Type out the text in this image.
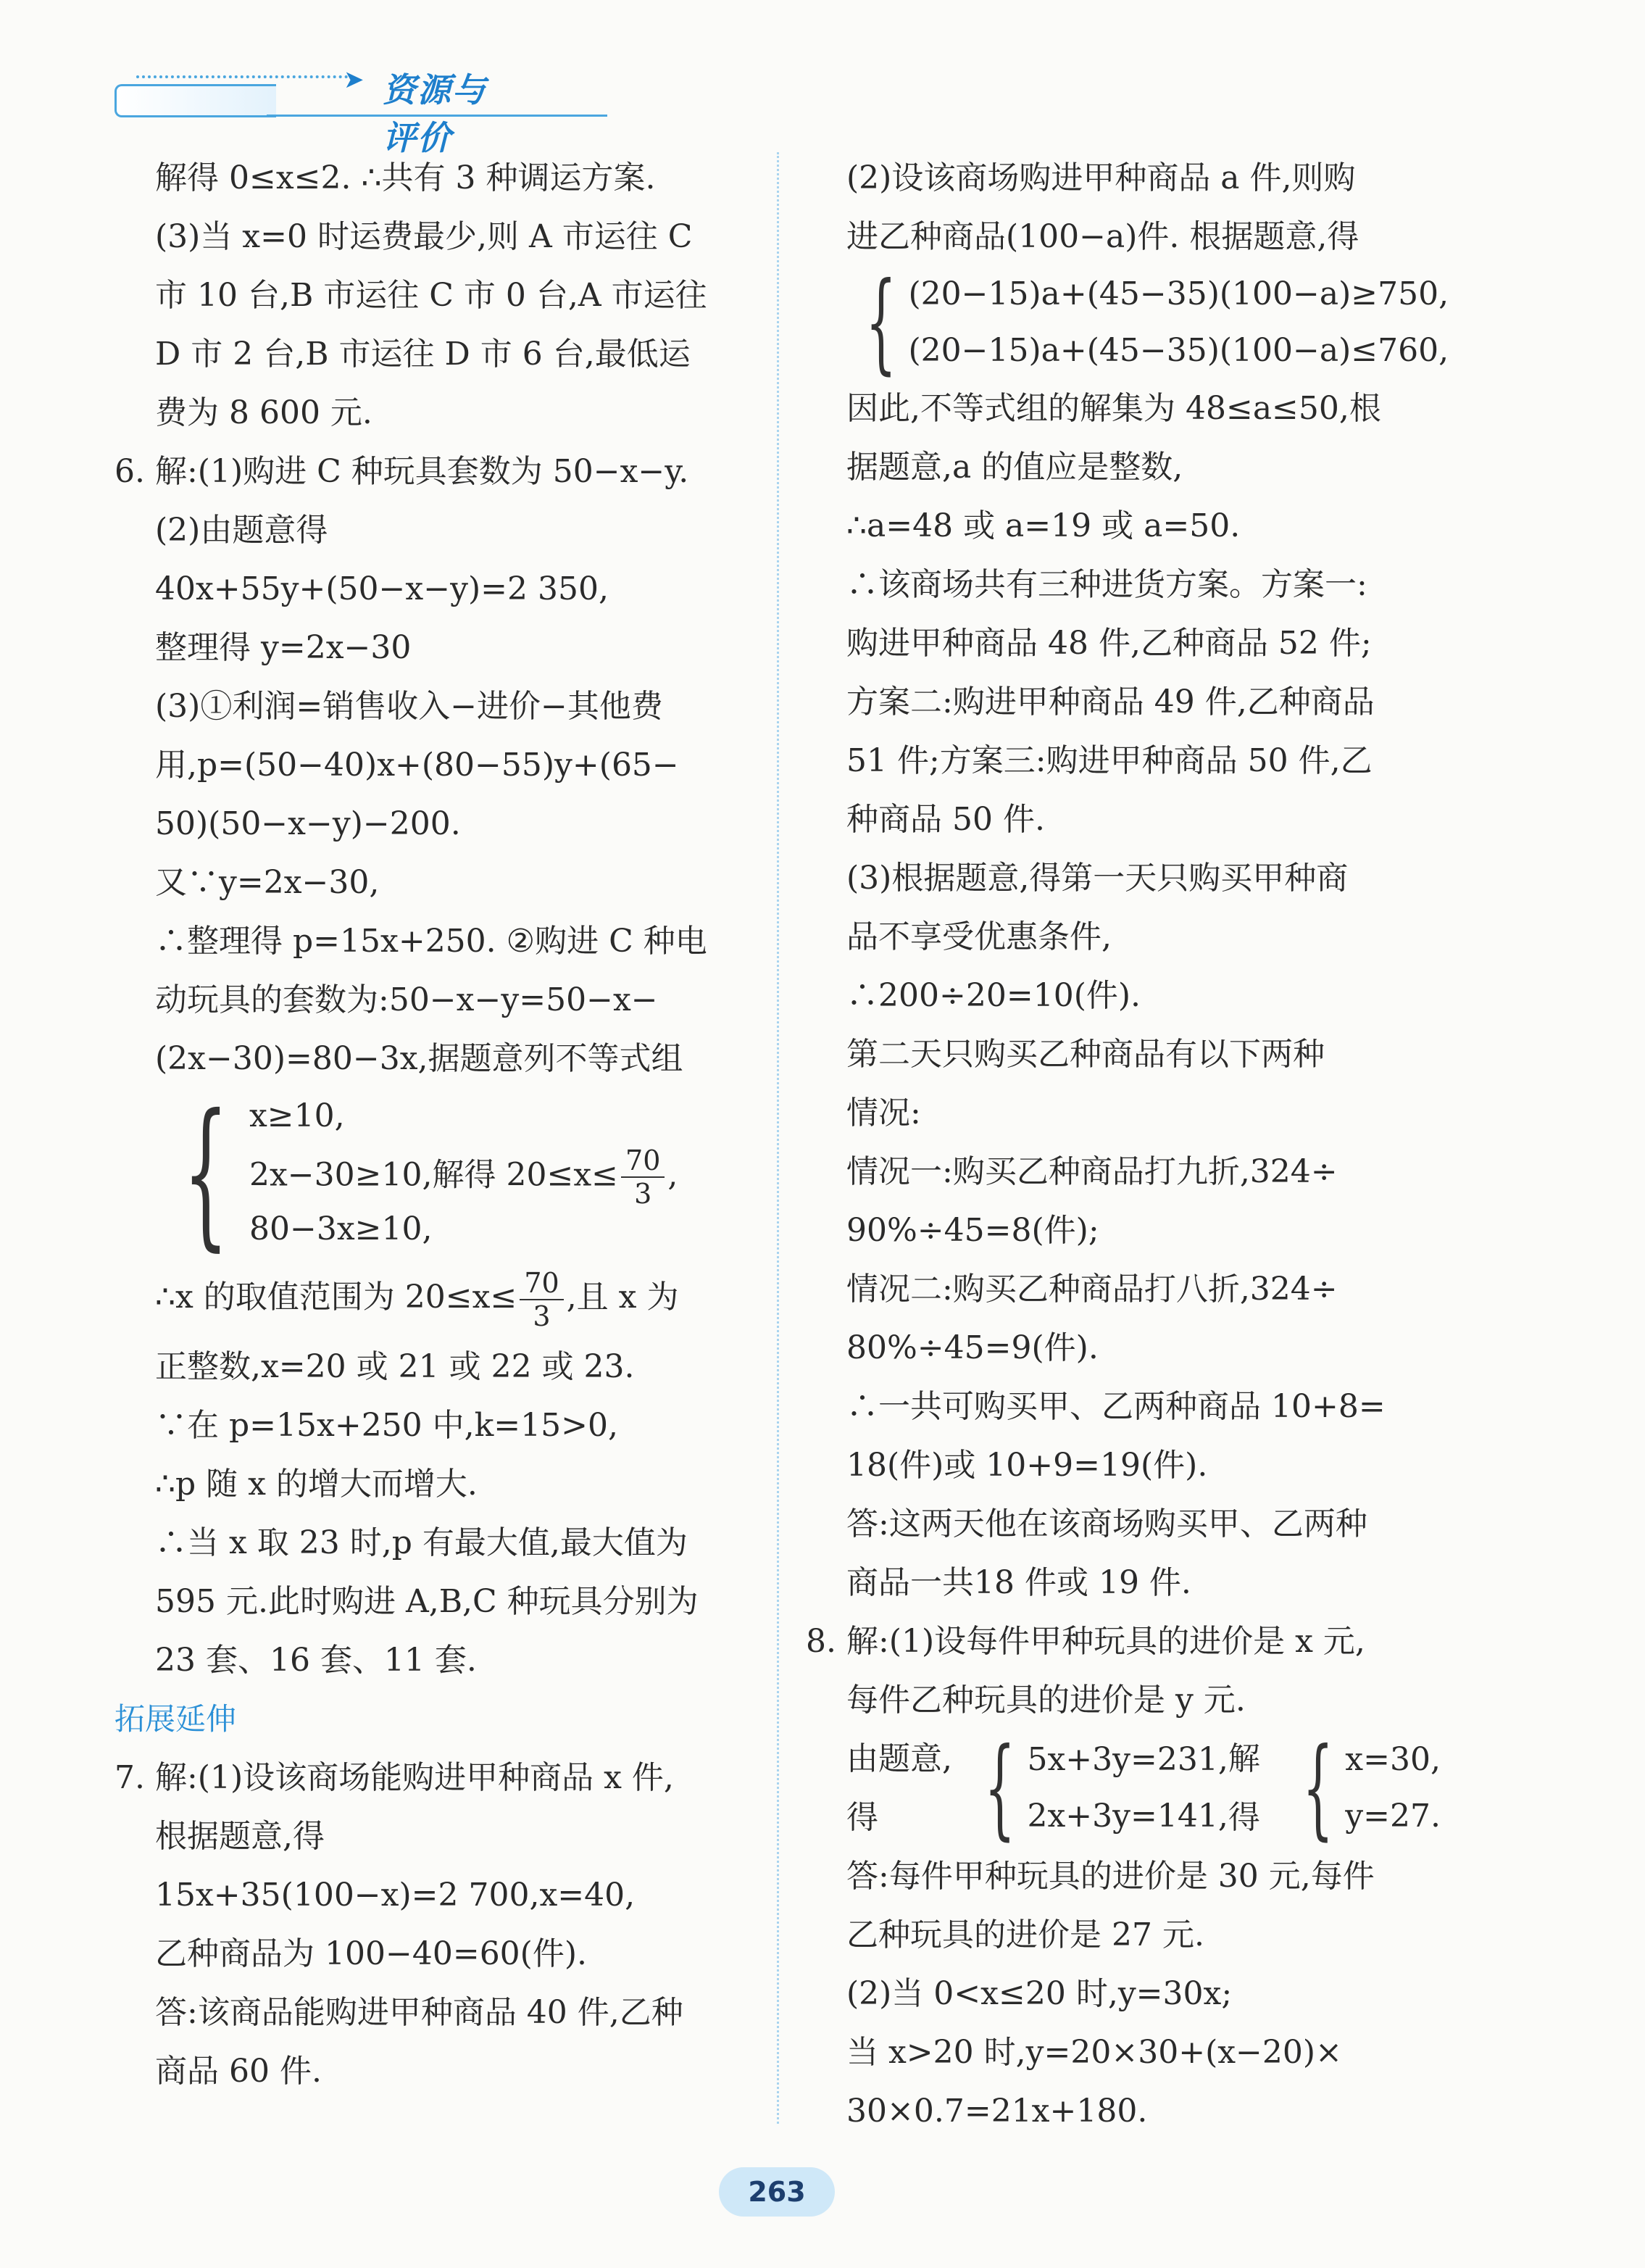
➤ 资源与评价
解得 0≤x≤2. ∴共有 3 种调运方案.
(3)当 x=0 时运费最少,则 A 市运往 C
市 10 台,B 市运往 C 市 0 台,A 市运往
D 市 2 台,B 市运往 D 市 6 台,最低运
费为 8 600 元.
6. 解:(1)购进 C 种玩具套数为 50−x−y.
(2)由题意得
40x+55y+(50−x−y)=2 350,
整理得 y=2x−30
(3)①利润=销售收入−进价−其他费
用,p=(50−40)x+(80−55)y+(65−
50)(50−x−y)−200.
又∵y=2x−30,
∴整理得 p=15x+250. ②购进 C 种电
动玩具的套数为:50−x−y=50−x−
(2x−30)=80−3x,据题意列不等式组
{ x≥10,
2x−30≥10,解得 $20\le x\le \frac{70}{3}$ ,
80−3x≥10,
∴x 的取值范围为 $20\le x\le \frac{70}{3}$ ,且 x 为
正整数,x=20 或 21 或 22 或 23.
∵在 p=15x+250 中,k=15>0,
∴p 随 x 的增大而增大.
∴当 x 取 23 时,p 有最大值,最大值为
595 元.此时购进 A,B,C 种玩具分别为
23 套、16 套、11 套.
拓展延伸
7. 解:(1)设该商场能购进甲种商品 x 件,
根据题意,得
15x+35(100−x)=2 700,x=40,
乙种商品为 100−40=60(件).
答:该商品能购进甲种商品 40 件,乙种
商品 60 件.
(2)设该商场购进甲种商品 a 件,则购
进乙种商品(100−a)件. 根据题意,得
{ (20−15)a+(45−35)(100−a)≥750,
(20−15)a+(45−35)(100−a)≤760,
因此,不等式组的解集为 48≤a≤50,根
据题意,a 的值应是整数,
∴a=48 或 a=19 或 a=50.
∴该商场共有三种进货方案。方案一:
购进甲种商品 48 件,乙种商品 52 件;
方案二:购进甲种商品 49 件,乙种商品
51 件;方案三:购进甲种商品 50 件,乙
种商品 50 件.
(3)根据题意,得第一天只购买甲种商
品不享受优惠条件,
∴200÷20=10(件).
第二天只购买乙种商品有以下两种
情况:
情况一:购买乙种商品打九折,324÷
90%÷45=8(件);
情况二:购买乙种商品打八折,324÷
80%÷45=9(件).
∴一共可购买甲、乙两种商品 10+8=
18(件)或 10+9=19(件).
答:这两天他在该商场购买甲、乙两种
商品一共18 件或 19 件.
8. 解:(1)设每件甲种玩具的进价是 x 元,
每件乙种玩具的进价是 y 元.
由题意,得 { 5x+3y=231,
2x+3y=141,
解得 { x=30,
y=27.
答:每件甲种玩具的进价是 30 元,每件
乙种玩具的进价是 27 元.
(2)当 0<x≤20 时,y=30x;
当 x>20 时,y=20×30+(x−20)×
30×0.7=21x+180.
263
